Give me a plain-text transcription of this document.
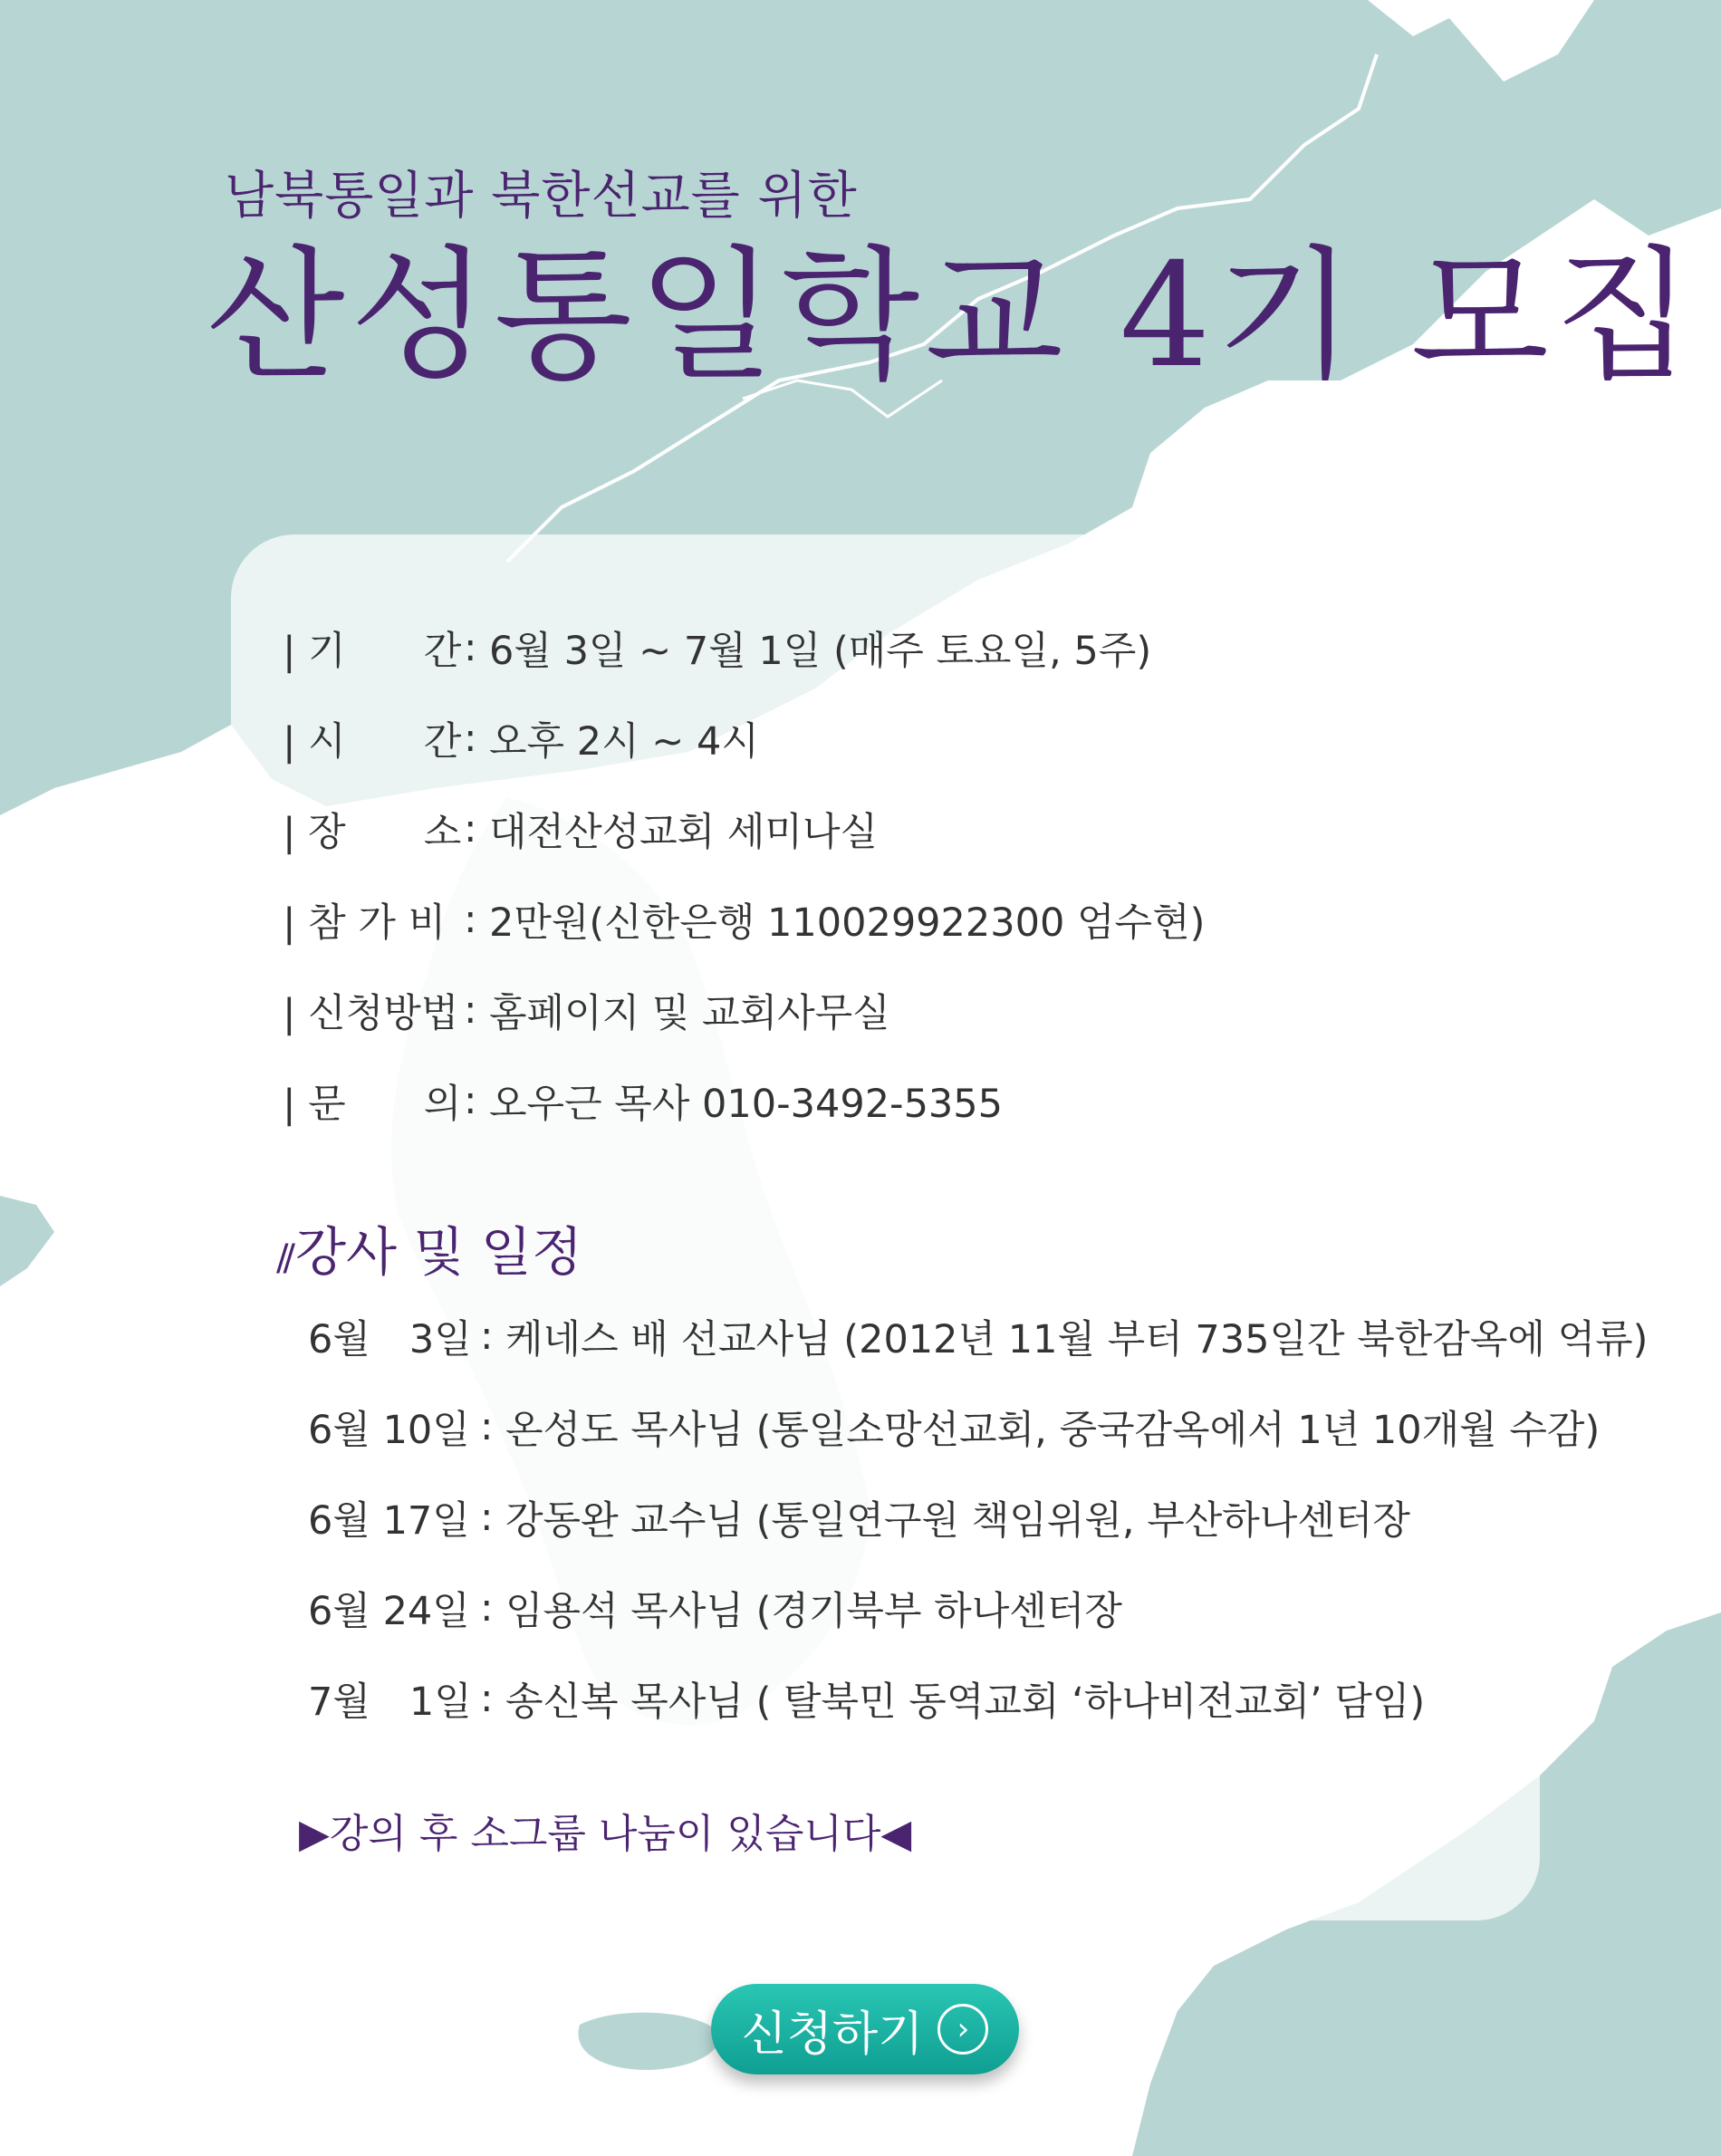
남북통일과 북한선교를 위한
산성통일학교 4기 모집
| 기　　간 : 6월 3일 ~ 7월 1일 (매주 토요일, 5주)
| 시　　간 : 오후 2시 ~ 4시
| 장　　소 : 대전산성교회 세미나실
| 참 가 비 : 2만원(신한은행 110029922300 엄수현)
| 신청방법 : 홈페이지 및 교회사무실
| 문　　의 : 오우근 목사 010-3492-5355
// 강사 및 일정
6월　3일 : 케네스 배 선교사님 (2012년 11월 부터 735일간 북한감옥에 억류)
6월 10일 : 온성도 목사님 (통일소망선교회, 중국감옥에서 1년 10개월 수감)
6월 17일 : 강동완 교수님 (통일연구원 책임위원, 부산하나센터장
6월 24일 : 임용석 목사님 (경기북부 하나센터장
7월　1일 : 송신복 목사님 ( 탈북민 동역교회 ‘하나비전교회’ 담임)
▶강의 후 소그룹 나눔이 있습니다◀
신청하기	›
